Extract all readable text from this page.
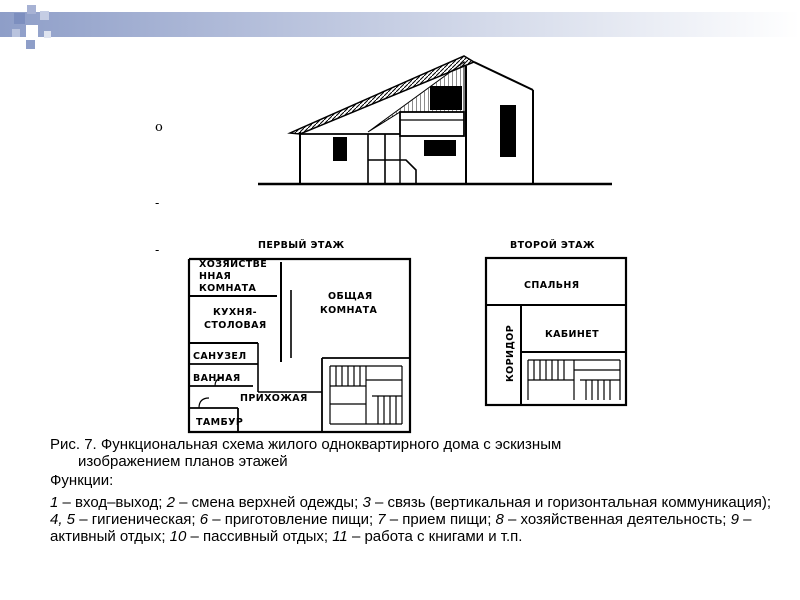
о
-
-	ПЕРВЫЙ ЭТАЖ
ХОЗЯЙСТВЕ
ННАЯ
КОМНАТА
КУХНЯ-
СТОЛОВАЯ
ОБЩАЯ
КОМНАТА
САНУЗЕЛ
ВАННАЯ
ПРИХОЖАЯ
ТАМБУР
ВТОРОЙ ЭТАЖ
СПАЛЬНЯ
КАБИНЕТ
КОРИДОР
Рис. 7. Функциональная схема жилого одноквартирного дома с эскизным
изображением планов этажей
Функции:
1 – вход–выход; 2 – смена верхней одежды; 3 – связь (вертикальная и горизонтальная коммуникация); 4, 5 – гигиеническая; 6 – приготовление пищи; 7 – прием пищи; 8 – хозяйственная деятельность; 9 – активный отдых; 10 – пассивный отдых; 11 – работа с книгами и т.п.
